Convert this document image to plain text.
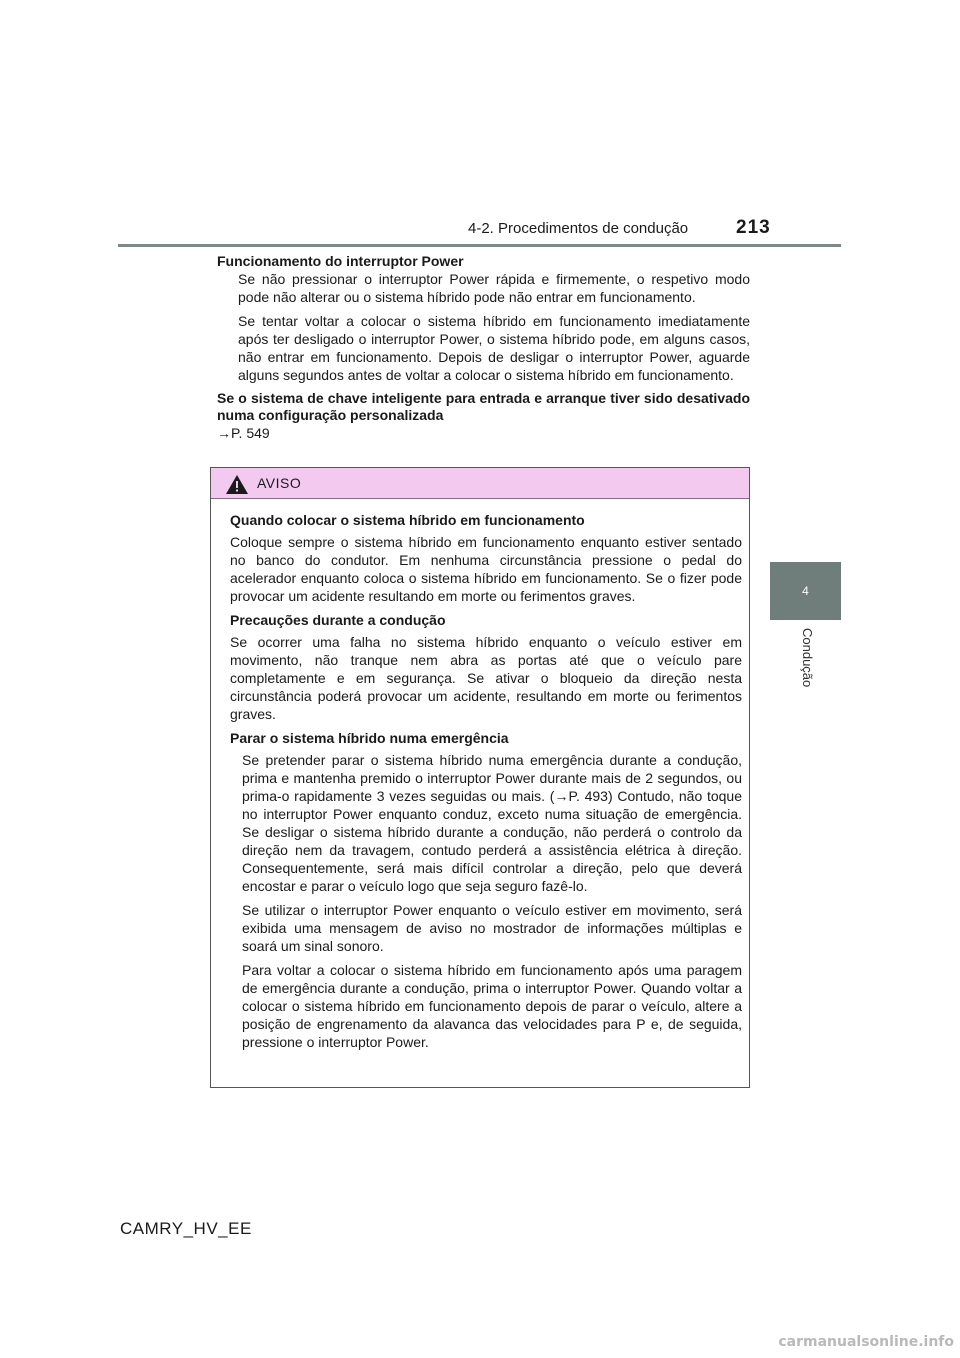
4-2. Procedimentos de condução	213
4
Condução

Funcionamento do interruptor Power

Se não pressionar o interruptor Power rápida e firmemente, o respetivo modo pode não alterar ou o sistema híbrido pode não entrar em funcionamento.

Se tentar voltar a colocar o sistema híbrido em funcionamento imediatamente após ter desligado o interruptor Power, o sistema híbrido pode, em alguns casos, não entrar em funcionamento. Depois de desligar o interruptor Power, aguarde alguns segundos antes de voltar a colocar o sistema híbrido em funcionamento.

Se o sistema de chave inteligente para entrada e arranque tiver sido desativado numa configuração personalizada

→P. 549

AVISO

Quando colocar o sistema híbrido em funcionamento

Coloque sempre o sistema híbrido em funcionamento enquanto estiver sentado no banco do condutor. Em nenhuma circunstância pressione o pedal do acelerador enquanto coloca o sistema híbrido em funcionamento. Se o fizer pode provocar um acidente resultando em morte ou ferimentos graves.

Precauções durante a condução

Se ocorrer uma falha no sistema híbrido enquanto o veículo estiver em movimento, não tranque nem abra as portas até que o veículo pare completamente e em segurança. Se ativar o bloqueio da direção nesta circunstância poderá provocar um acidente, resultando em morte ou ferimentos graves.

Parar o sistema híbrido numa emergência

Se pretender parar o sistema híbrido numa emergência durante a condução, prima e mantenha premido o interruptor Power durante mais de 2 segundos, ou prima-o rapidamente 3 vezes seguidas ou mais. (→P. 493) Contudo, não toque no interruptor Power enquanto conduz, exceto numa situação de emergência. Se desligar o sistema híbrido durante a condução, não perderá o controlo da direção nem da travagem, contudo perderá a assistência elétrica à direção. Consequentemente, será mais difícil controlar a direção, pelo que deverá encostar e parar o veículo logo que seja seguro fazê-lo.

Se utilizar o interruptor Power enquanto o veículo estiver em movimento, será exibida uma mensagem de aviso no mostrador de informações múltiplas e soará um sinal sonoro.

Para voltar a colocar o sistema híbrido em funcionamento após uma paragem de emergência durante a condução, prima o interruptor Power. Quando voltar a colocar o sistema híbrido em funcionamento depois de parar o veículo, altere a posição de engrenamento da alavanca das velocidades para P e, de seguida, pressione o interruptor Power.

CAMRY_HV_EE
carmanualsonline.info
